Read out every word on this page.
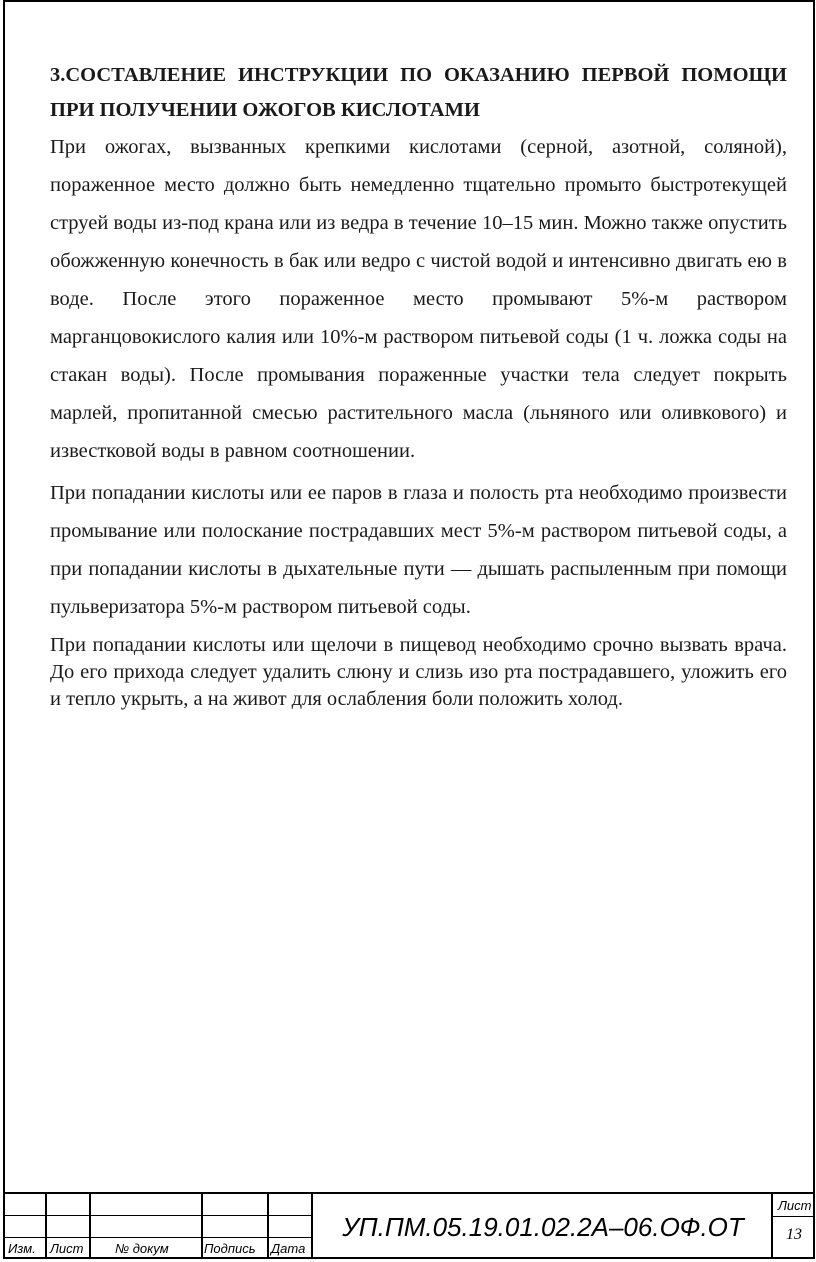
3.СОСТАВЛЕНИЕ ИНСТРУКЦИИ ПО ОКАЗАНИЮ ПЕРВОЙ ПОМОЩИ ПРИ ПОЛУЧЕНИИ ОЖОГОВ КИСЛОТАМИ

При ожогах, вызванных крепкими кислотами (серной, азотной, соляной), пораженное место должно быть немедленно тщательно промыто быстротекущей струей воды из-под крана или из ведра в течение 10–15 мин. Можно также опустить обожженную конечность в бак или ведро с чистой водой и интенсивно двигать ею в воде. После этого пораженное место промывают 5%-м раствором марганцовокислого калия или 10%-м раствором питьевой соды (1 ч. ложка соды на стакан воды). После промывания пораженные участки тела следует покрыть марлей, пропитанной смесью растительного масла (льняного или оливкового) и известковой воды в равном соотношении.

При попадании кислоты или ее паров в глаза и полость рта необходимо произвести промывание или полоскание пострадавших мест 5%-м раствором питьевой соды, а при попадании кислоты в дыхательные пути — дышать распыленным при помощи пульверизатора 5%-м раствором питьевой соды.

При попадании кислоты или щелочи в пищевод необходимо срочно вызвать врача. До его прихода следует удалить слюну и слизь изо рта пострадавшего, уложить его и тепло укрыть, а на живот для ослабления боли положить холод.

Изм. Лист № докум	Подпись Дата
УП.ПМ.05.19.01.02.2А–06.ОФ.ОТ
Лист
13
